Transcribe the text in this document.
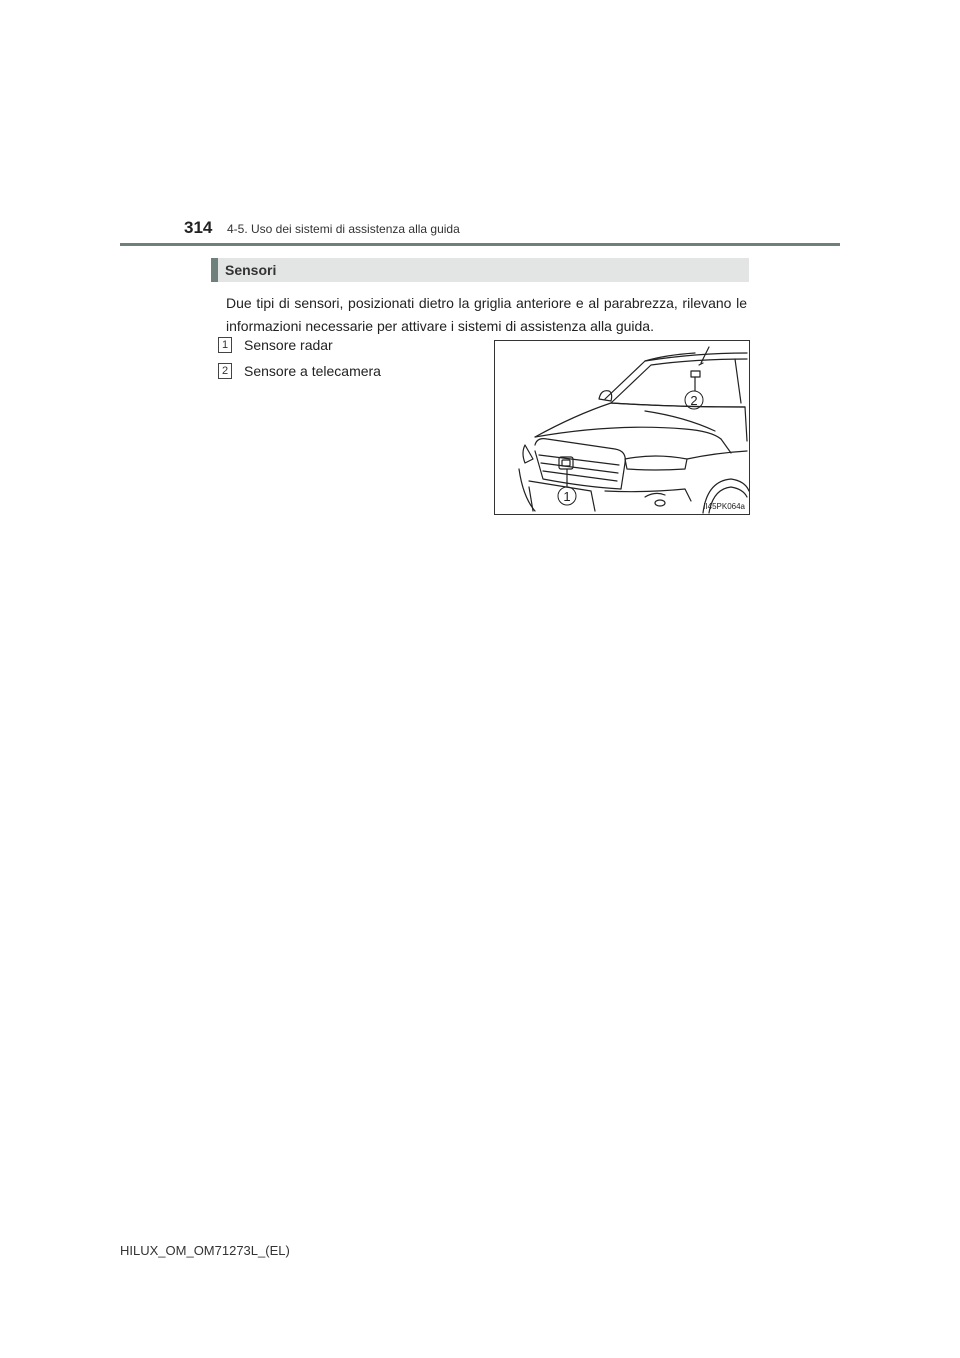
314 4-5. Uso dei sistemi di assistenza alla guida
Sensori
Due tipi di sensori, posizionati dietro la griglia anteriore e al parabrezza, rilevano le informazioni necessarie per attivare i sistemi di assistenza alla guida.
1 Sensore radar
2 Sensore a telecamera
2
1
II45PK064a
HILUX_OM_OM71273L_(EL)
